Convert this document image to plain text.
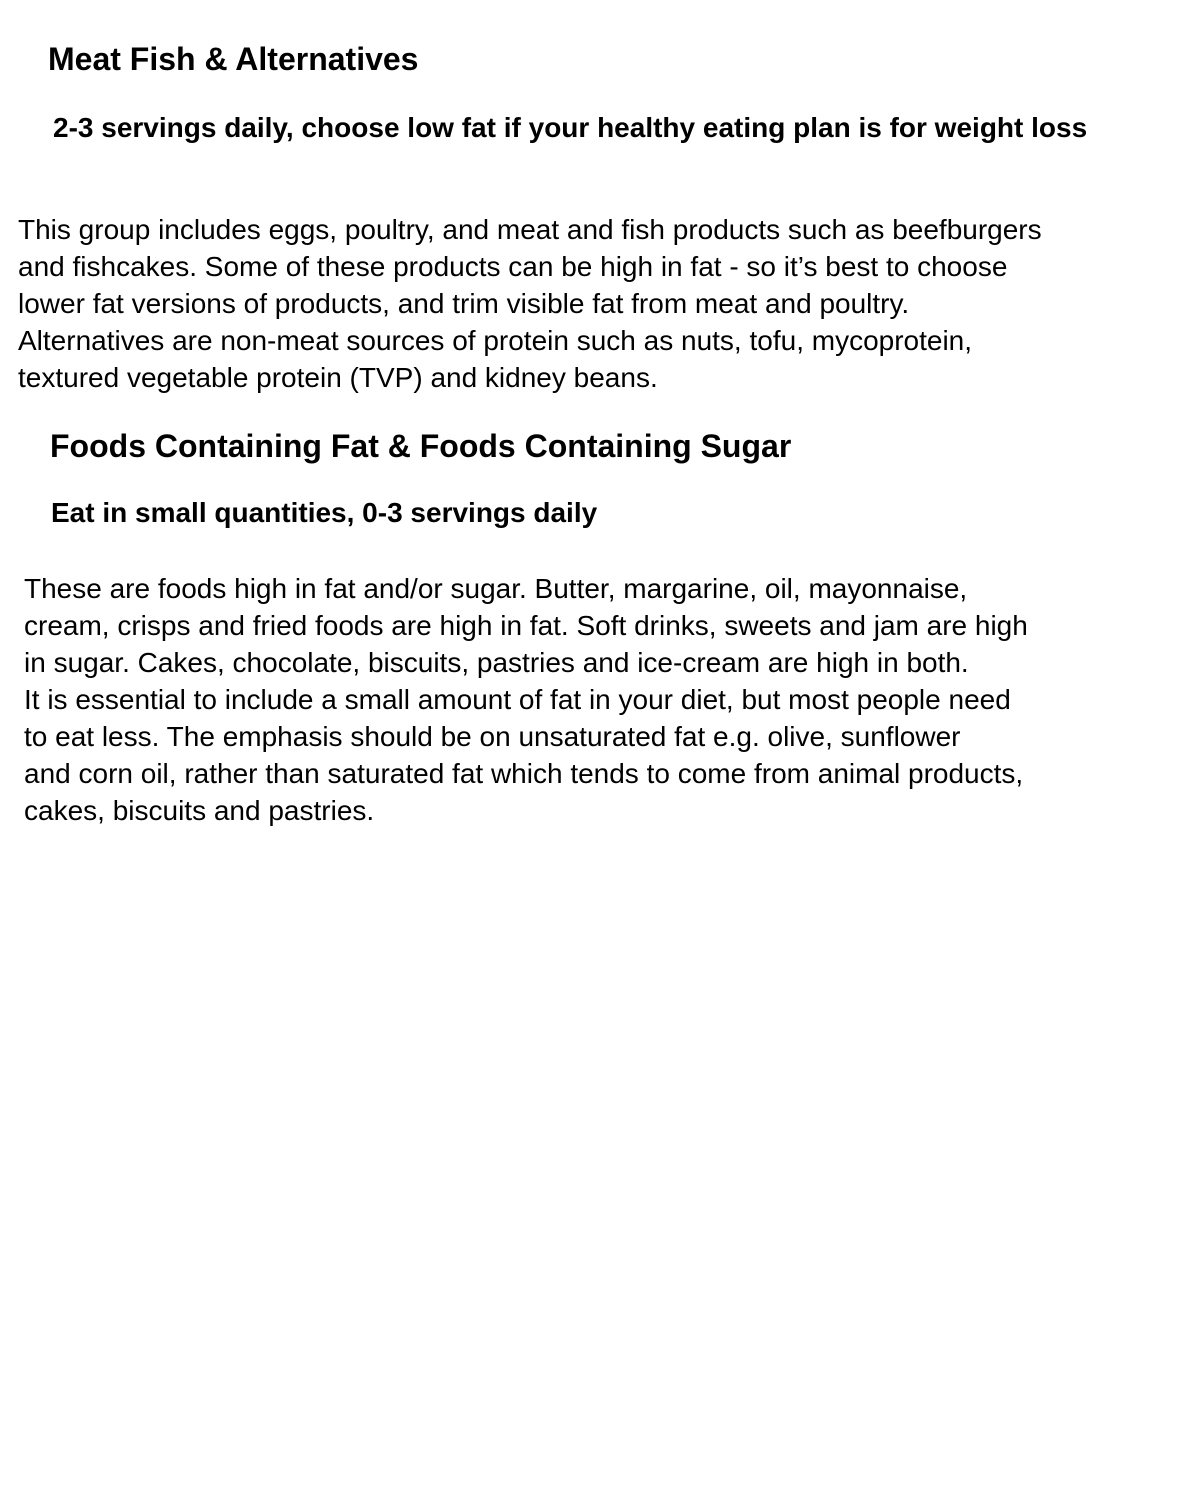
Meat Fish & Alternatives
2-3 servings daily, choose low fat if your healthy eating plan is for weight loss
This group includes eggs, poultry, and meat and fish products such as beefburgers
and fishcakes. Some of these products can be high in fat - so it’s best to choose
lower fat versions of products, and trim visible fat from meat and poultry.
Alternatives are non-meat sources of protein such as nuts, tofu, mycoprotein,
textured vegetable protein (TVP) and kidney beans.
Foods Containing Fat & Foods Containing Sugar
Eat in small quantities, 0-3 servings daily
These are foods high in fat and/or sugar. Butter, margarine, oil, mayonnaise,
cream, crisps and fried foods are high in fat. Soft drinks, sweets and jam are high
in sugar. Cakes, chocolate, biscuits, pastries and ice-cream are high in both.
It is essential to include a small amount of fat in your diet, but most people need
to eat less. The emphasis should be on unsaturated fat e.g. olive, sunflower
and corn oil, rather than saturated fat which tends to come from animal products,
cakes, biscuits and pastries.
